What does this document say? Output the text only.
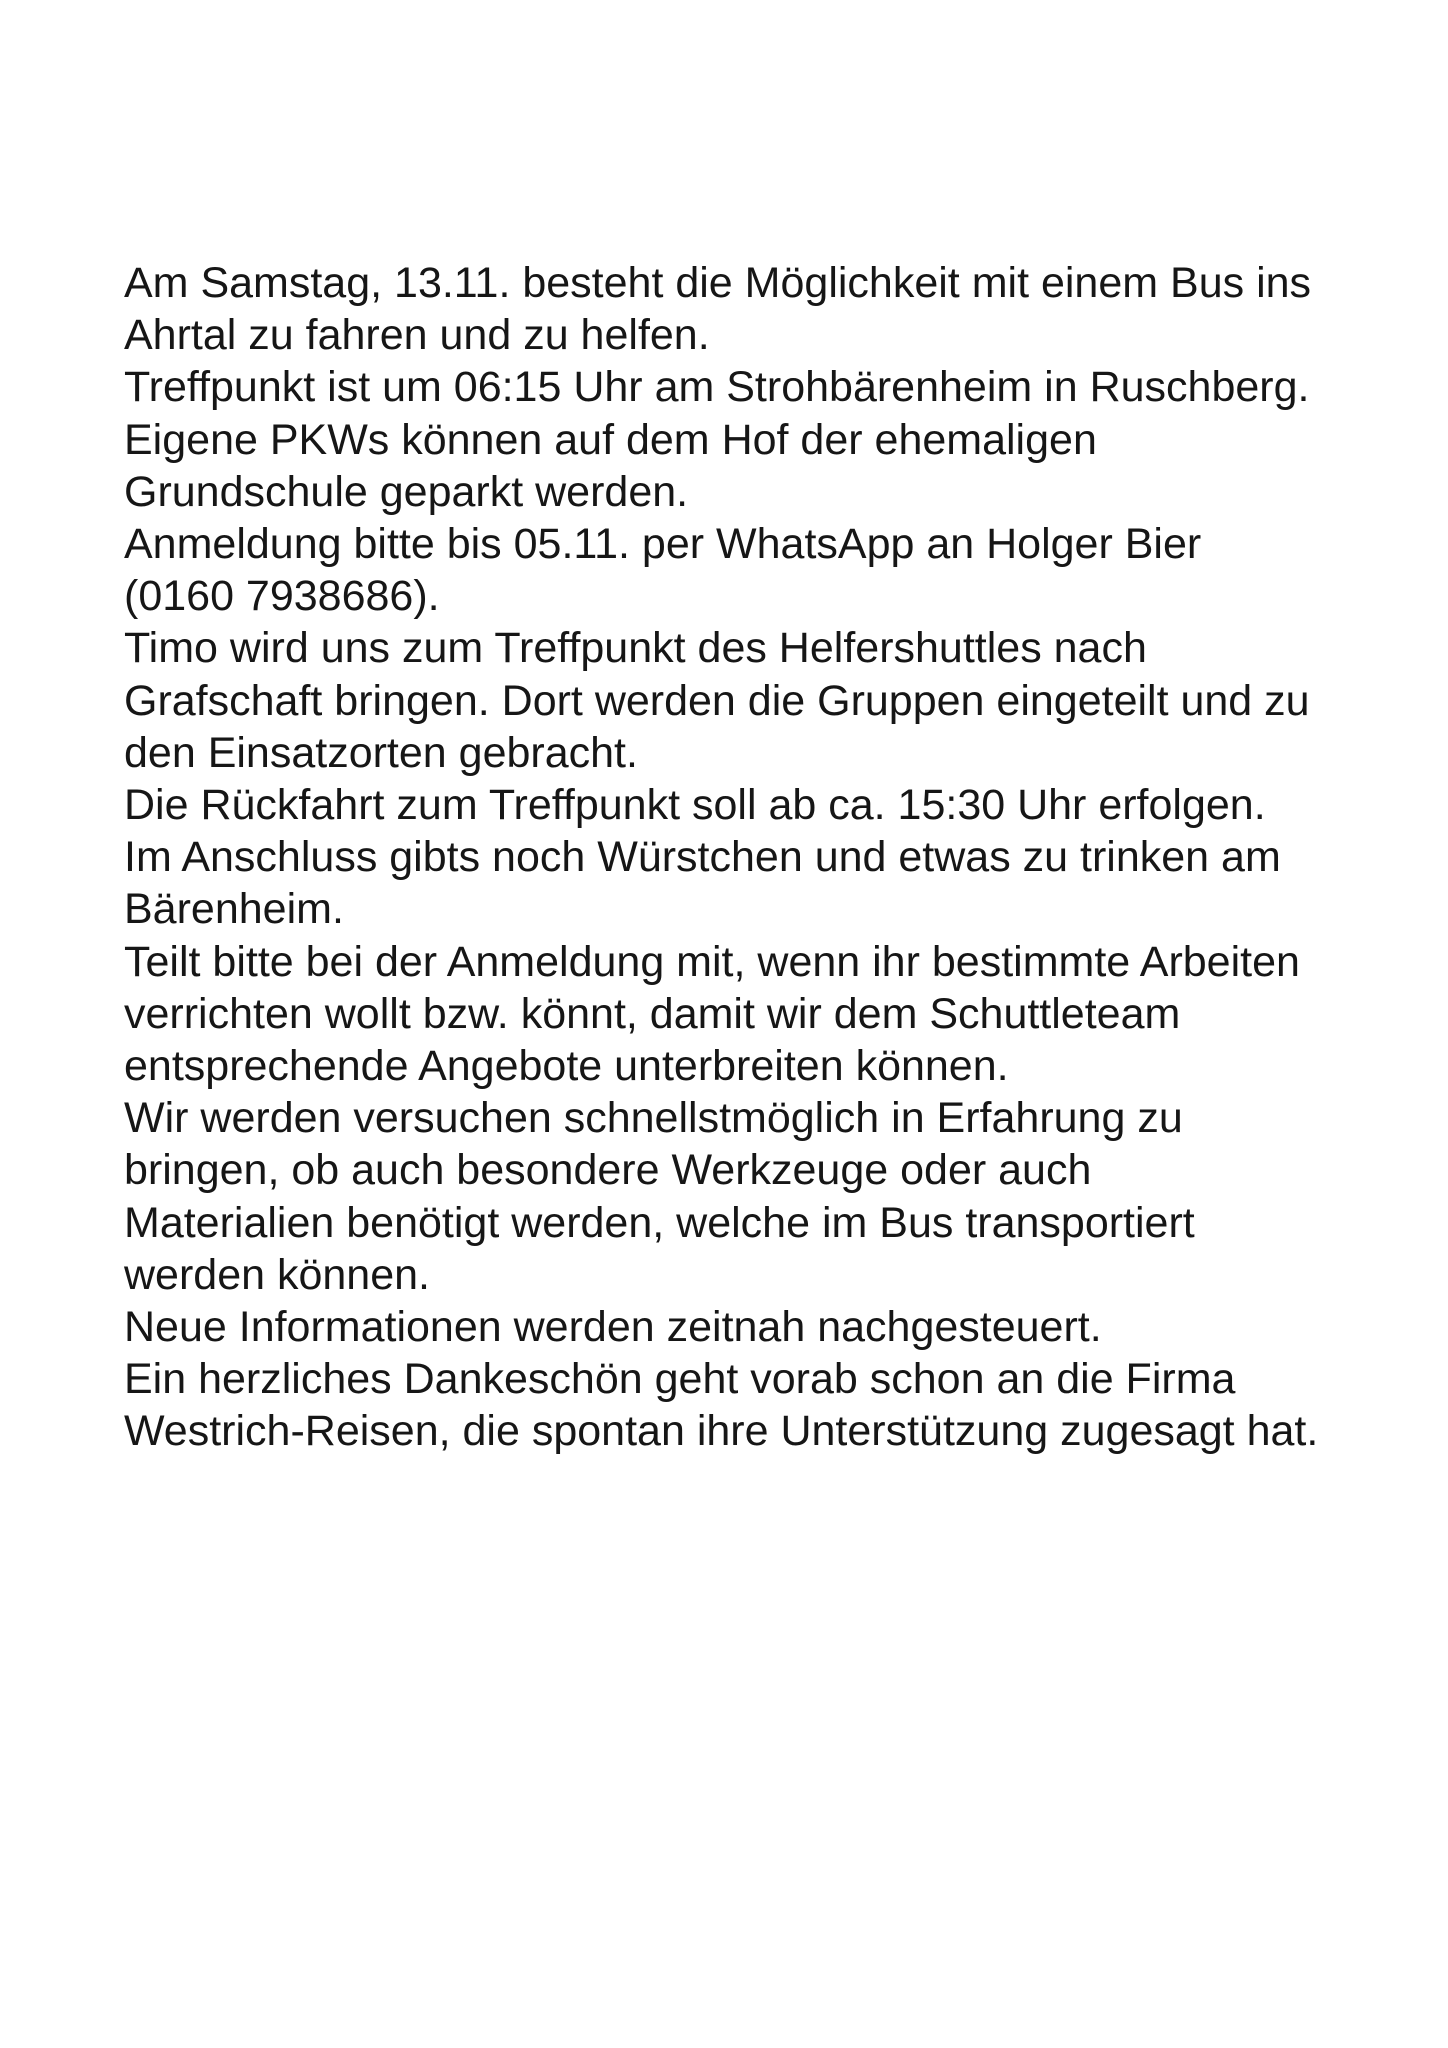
Am Samstag, 13.11. besteht die Möglichkeit mit einem Bus ins
Ahrtal zu fahren und zu helfen.
Treffpunkt ist um 06:15 Uhr am Strohbärenheim in Ruschberg.
Eigene PKWs können auf dem Hof der ehemaligen
Grundschule geparkt werden.
Anmeldung bitte bis 05.11. per WhatsApp an Holger Bier
(0160 7938686).
Timo wird uns zum Treffpunkt des Helfershuttles nach
Grafschaft bringen. Dort werden die Gruppen eingeteilt und zu
den Einsatzorten gebracht.
Die Rückfahrt zum Treffpunkt soll ab ca. 15:30 Uhr erfolgen.
Im Anschluss gibts noch Würstchen und etwas zu trinken am
Bärenheim.
Teilt bitte bei der Anmeldung mit, wenn ihr bestimmte Arbeiten
verrichten wollt bzw. könnt, damit wir dem Schuttleteam
entsprechende Angebote unterbreiten können.
Wir werden versuchen schnellstmöglich in Erfahrung zu
bringen, ob auch besondere Werkzeuge oder auch
Materialien benötigt werden, welche im Bus transportiert
werden können.
Neue Informationen werden zeitnah nachgesteuert.
Ein herzliches Dankeschön geht vorab schon an die Firma
Westrich-Reisen, die spontan ihre Unterstützung zugesagt hat.
